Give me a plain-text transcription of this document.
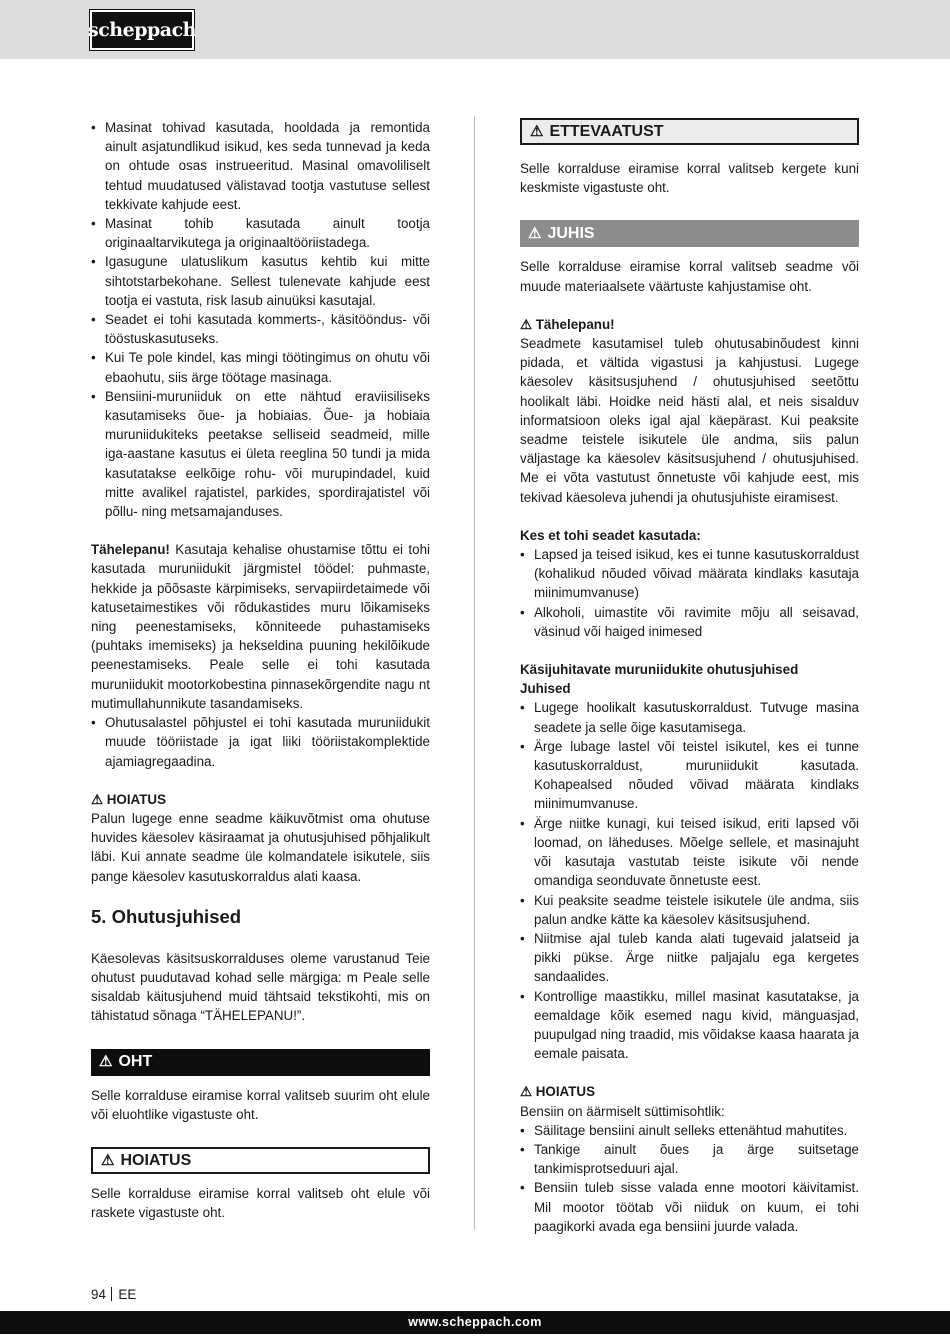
scheppach
• Masinat tohivad kasutada, hooldada ja remontida ainult asjatundlikud isikud, kes seda tunnevad ja keda on ohtude osas instrueeritud. Masinal omavoliliselt tehtud muudatused välistavad tootja vastutuse sellest tekkivate kahjude eest.
• Masinat tohib kasutada ainult tootja originaaltarvikutega ja originaaltööriistadega.
• Igasugune ulatuslikum kasutus kehtib kui mitte sihtotstarbekohane. Sellest tulenevate kahjude eest tootja ei vastuta, risk lasub ainuüksi kasutajal.
• Seadet ei tohi kasutada kommerts-, käsitööndus- või tööstuskasutuseks.
• Kui Te pole kindel, kas mingi töötingimus on ohutu või ebaohutu, siis ärge töötage masinaga.
• Bensiini-muruniiduk on ette nähtud eraviisiliseks kasutamiseks õue- ja hobiaias. Õue- ja hobiaia muruniidukiteks peetakse selliseid seadmeid, mille iga-aastane kasutus ei ületa reeglina 50 tundi ja mida kasutatakse eelkõige rohu- või murupindadel, kuid mitte avalikel rajatistel, parkides, spordirajatistel või põllu- ning metsamajanduses.

Tähelepanu! Kasutaja kehalise ohustamise tõttu ei tohi kasutada muruniidukit järgmistel töödel: puhmaste, hekkide ja põõsaste kärpimiseks, servapiirdetaimede või katusetaimestikes või rõdukastides muru lõikamiseks ning peenestamiseks, kõnniteede puhastamiseks (puhtaks imemiseks) ja hekseldina puuning hekilõikude peenestamiseks. Peale selle ei tohi kasutada muruniidukit mootorkobestina pinnasekõrgendite nagu nt mutimullahunnikute tasandamiseks.

• Ohutusalastel põhjustel ei tohi kasutada muruniidukit muude tööriistade ja igat liiki tööriistakomplektide ajamiagregaadina.
⚠ HOIATUS

Palun lugege enne seadme käikuvõtmist oma ohutuse huvides käesolev käsiraamat ja ohutusjuhised põhjalikult läbi. Kui annate seadme üle kolmandatele isikutele, siis pange käesolev kasutuskorraldus alati kaasa.

5. Ohutusjuhised

Käesolevas käsitsuskorralduses oleme varustanud Teie ohutust puudutavad kohad selle märgiga: m Peale selle sisaldab käitusjuhend muid tähtsaid tekstikohti, mis on tähistatud sõnaga “TÄHELEPANU!”.

⚠ OHT

Selle korralduse eiramise korral valitseb suurim oht elule või eluohtlike vigastuste oht.

⚠ HOIATUS

Selle korralduse eiramise korral valitseb oht elule või raskete vigastuste oht.

⚠ ETTEVAATUST

Selle korralduse eiramise korral valitseb kergete kuni keskmiste vigastuste oht.

⚠ JUHIS

Selle korralduse eiramise korral valitseb seadme või muude materiaalsete väärtuste kahjustamise oht.

⚠ Tähelepanu!

Seadmete kasutamisel tuleb ohutusabinõudest kinni pidada, et vältida vigastusi ja kahjustusi. Lugege käesolev käsitsusjuhend / ohutusjuhised seetõttu hoolikalt läbi. Hoidke neid hästi alal, et neis sisalduv informatsioon oleks igal ajal käepärast. Kui peaksite seadme teistele isikutele üle andma, siis palun väljastage ka käesolev käsitsusjuhend / ohutusjuhised. Me ei võta vastutust õnnetuste või kahjude eest, mis tekivad käesoleva juhendi ja ohutusjuhiste eiramisest.

Kes et tohi seadet kasutada:
• Lapsed ja teised isikud, kes ei tunne kasutuskorraldust (kohalikud nõuded võivad määrata kindlaks kasutaja miinimumvanuse)
• Alkoholi, uimastite või ravimite mõju all seisavad, väsinud või haiged inimesed
Käsijuhitavate muruniidukite ohutusjuhised
Juhised
• Lugege hoolikalt kasutuskorraldust. Tutvuge masina seadete ja selle õige kasutamisega.
• Ärge lubage lastel või teistel isikutel, kes ei tunne kasutuskorraldust, muruniidukit kasutada. Kohapealsed nõuded võivad määrata kindlaks miinimumvanuse.
• Ärge niitke kunagi, kui teised isikud, eriti lapsed või loomad, on läheduses. Mõelge sellele, et masinajuht või kasutaja vastutab teiste isikute või nende omandiga seonduvate õnnetuste eest.
• Kui peaksite seadme teistele isikutele üle andma, siis palun andke kätte ka käesolev käsitsusjuhend.
• Niitmise ajal tuleb kanda alati tugevaid jalatseid ja pikki pükse. Ärge niitke paljajalu ega kergetes sandaalides.
• Kontrollige maastikku, millel masinat kasutatakse, ja eemaldage kõik esemed nagu kivid, mänguasjad, puupulgad ning traadid, mis võidakse kaasa haarata ja eemale paisata.
⚠ HOIATUS

Bensiin on äärmiselt süttimisohtlik:

• Säilitage bensiini ainult selleks ettenähtud mahutites.
• Tankige ainult õues ja ärge suitsetage tankimisprotseduuri ajal.
• Bensiin tuleb sisse valada enne mootori käivitamist. Mil mootor töötab või niiduk on kuum, ei tohi paagikorki avada ega bensiini juurde valada.
94 EE
www.scheppach.com
